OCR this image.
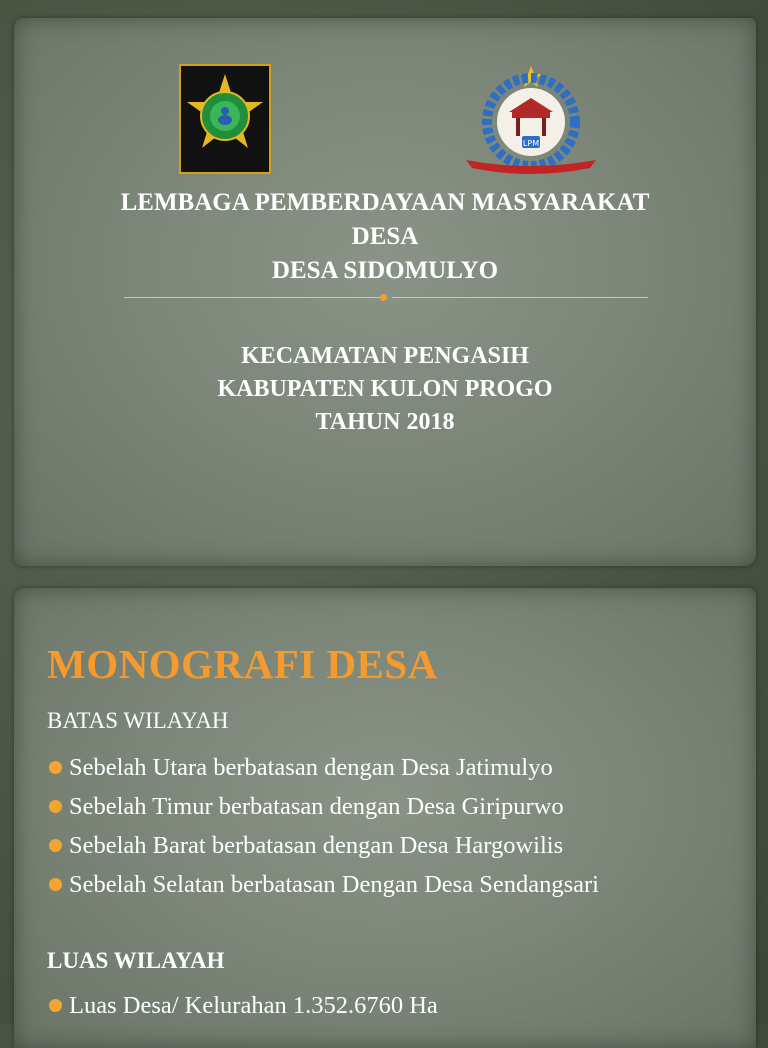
LPM
LEMBAGA PEMBERDAYAAN MASYARAKAT
DESA
DESA SIDOMULYO
KECAMATAN PENGASIH
KABUPATEN KULON PROGO
TAHUN 2018
MONOGRAFI DESA
BATAS WILAYAH
Sebelah Utara berbatasan dengan Desa Jatimulyo
Sebelah Timur berbatasan dengan Desa Giripurwo
Sebelah Barat berbatasan dengan Desa Hargowilis
Sebelah Selatan berbatasan Dengan Desa Sendangsari
LUAS WILAYAH
Luas Desa/ Kelurahan 1.352.6760 Ha
